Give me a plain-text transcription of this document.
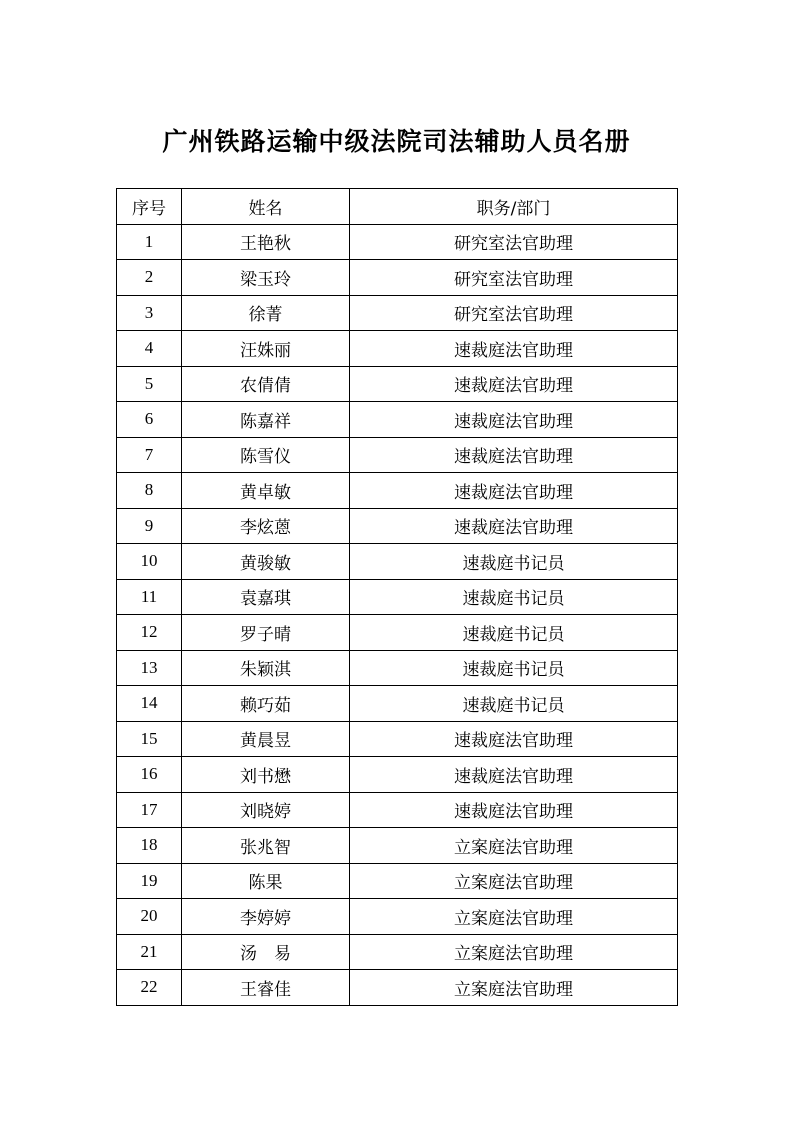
广州铁路运输中级法院司法辅助人员名册
序号	姓名	职务/部门
1	王艳秋	研究室法官助理
2	梁玉玲	研究室法官助理
3	徐菁	研究室法官助理
4	汪姝丽	速裁庭法官助理
5	农倩倩	速裁庭法官助理
6	陈嘉祥	速裁庭法官助理
7	陈雪仪	速裁庭法官助理
8	黄卓敏	速裁庭法官助理
9	李炫蒽	速裁庭法官助理
10	黄骏敏	速裁庭书记员
11	袁嘉琪	速裁庭书记员
12	罗子晴	速裁庭书记员
13	朱颖淇	速裁庭书记员
14	赖巧茹	速裁庭书记员
15	黄晨昱	速裁庭法官助理
16	刘书懋	速裁庭法官助理
17	刘晓婷	速裁庭法官助理
18	张兆智	立案庭法官助理
19	陈果	立案庭法官助理
20	李婷婷	立案庭法官助理
21	汤　易	立案庭法官助理
22	王睿佳	立案庭法官助理
